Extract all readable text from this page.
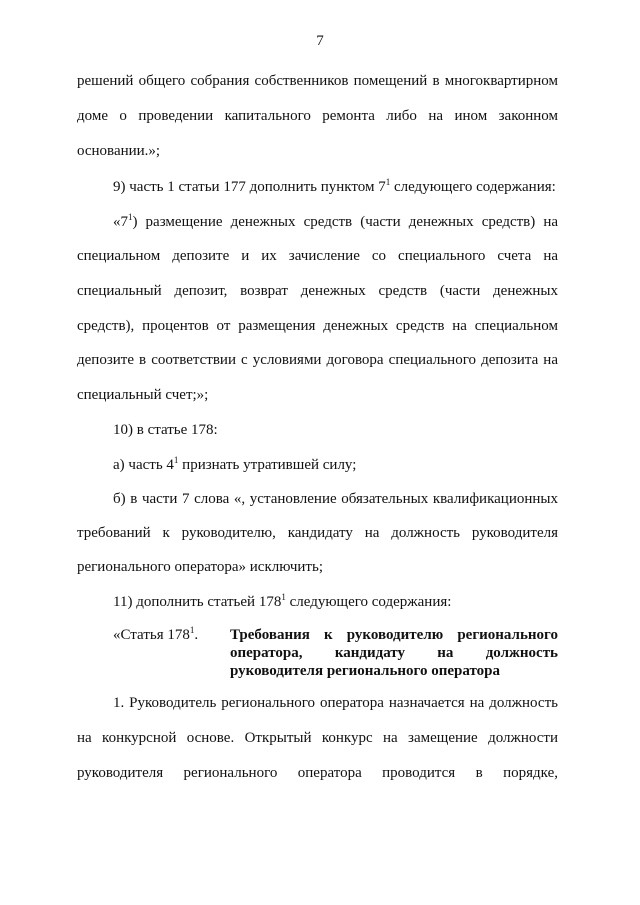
7
решений общего собрания собственников помещений в многоквартирном
доме о проведении капитального ремонта либо на ином законном
основании.»;
9) часть 1 статьи 177 дополнить пунктом $7^1$ следующего содержания:
«$7^1$) размещение денежных средств (части денежных средств) на
специальном депозите и их зачисление со специального счета на
специальный депозит, возврат денежных средств (части денежных
средств), процентов от размещения денежных средств на специальном
депозите в соответствии с условиями договора специального депозита на
специальный счет;»;
10) в статье 178:
а) часть $4^1$ признать утратившей силу;
б) в части 7 слова «, установление обязательных квалификационных
требований к руководителю, кандидату на должность руководителя
регионального оператора» исключить;
11) дополнить статьей $178^1$ следующего содержания:
«Статья $178^1$. Требования к руководителю регионального
оператора, кандидату на должность
руководителя регионального оператора
1. Руководитель регионального оператора назначается на должность
на конкурсной основе. Открытый конкурс на замещение должности
руководителя регионального оператора проводится в порядке,
